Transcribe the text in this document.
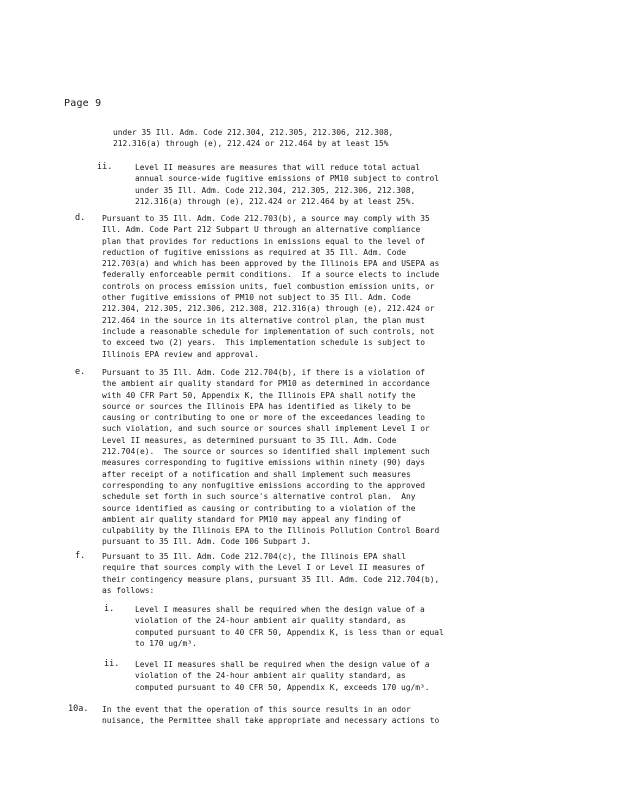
Page 9
under 35 Ill. Adm. Code 212.304, 212.305, 212.306, 212.308,
212.316(a) through (e), 212.424 or 212.464 by at least 15%
ii.	Level II measures are measures that will reduce total actual
annual source-wide fugitive emissions of PM10 subject to control
under 35 Ill. Adm. Code 212.304, 212.305, 212.306, 212.308,
212.316(a) through (e), 212.424 or 212.464 by at least 25%.
d. Pursuant to 35 Ill. Adm. Code 212.703(b), a source may comply with 35
Ill. Adm. Code Part 212 Subpart U through an alternative compliance
plan that provides for reductions in emissions equal to the level of
reduction of fugitive emissions as required at 35 Ill. Adm. Code
212.703(a) and which has been approved by the Illinois EPA and USEPA as
federally enforceable permit conditions.  If a source elects to include
controls on process emission units, fuel combustion emission units, or
other fugitive emissions of PM10 not subject to 35 Ill. Adm. Code
212.304, 212.305, 212.306, 212.308, 212.316(a) through (e), 212.424 or
212.464 in the source in its alternative control plan, the plan must
include a reasonable schedule for implementation of such controls, not
to exceed two (2) years.  This implementation schedule is subject to
Illinois EPA review and approval.
e. Pursuant to 35 Ill. Adm. Code 212.704(b), if there is a violation of
the ambient air quality standard for PM10 as determined in accordance
with 40 CFR Part 50, Appendix K, the Illinois EPA shall notify the
source or sources the Illinois EPA has identified as likely to be
causing or contributing to one or more of the exceedances leading to
such violation, and such source or sources shall implement Level I or
Level II measures, as determined pursuant to 35 Ill. Adm. Code
212.704(e).  The source or sources so identified shall implement such
measures corresponding to fugitive emissions within ninety (90) days
after receipt of a notification and shall implement such measures
corresponding to any nonfugitive emissions according to the approved
schedule set forth in such source's alternative control plan.  Any
source identified as causing or contributing to a violation of the
ambient air quality standard for PM10 may appeal any finding of
culpability by the Illinois EPA to the Illinois Pollution Control Board
pursuant to 35 Ill. Adm. Code 106 Subpart J.
f. Pursuant to 35 Ill. Adm. Code 212.704(c), the Illinois EPA shall
require that sources comply with the Level I or Level II measures of
their contingency measure plans, pursuant 35 Ill. Adm. Code 212.704(b),
as follows:
i.	Level I measures shall be required when the design value of a
violation of the 24-hour ambient air quality standard, as
computed pursuant to 40 CFR 50, Appendix K, is less than or equal
to 170 ug/m³.
ii. Level II measures shall be required when the design value of a
violation of the 24-hour ambient air quality standard, as
computed pursuant to 40 CFR 50, Appendix K, exceeds 170 ug/m³.
10a. In the event that the operation of this source results in an odor
nuisance, the Permittee shall take appropriate and necessary actions to
